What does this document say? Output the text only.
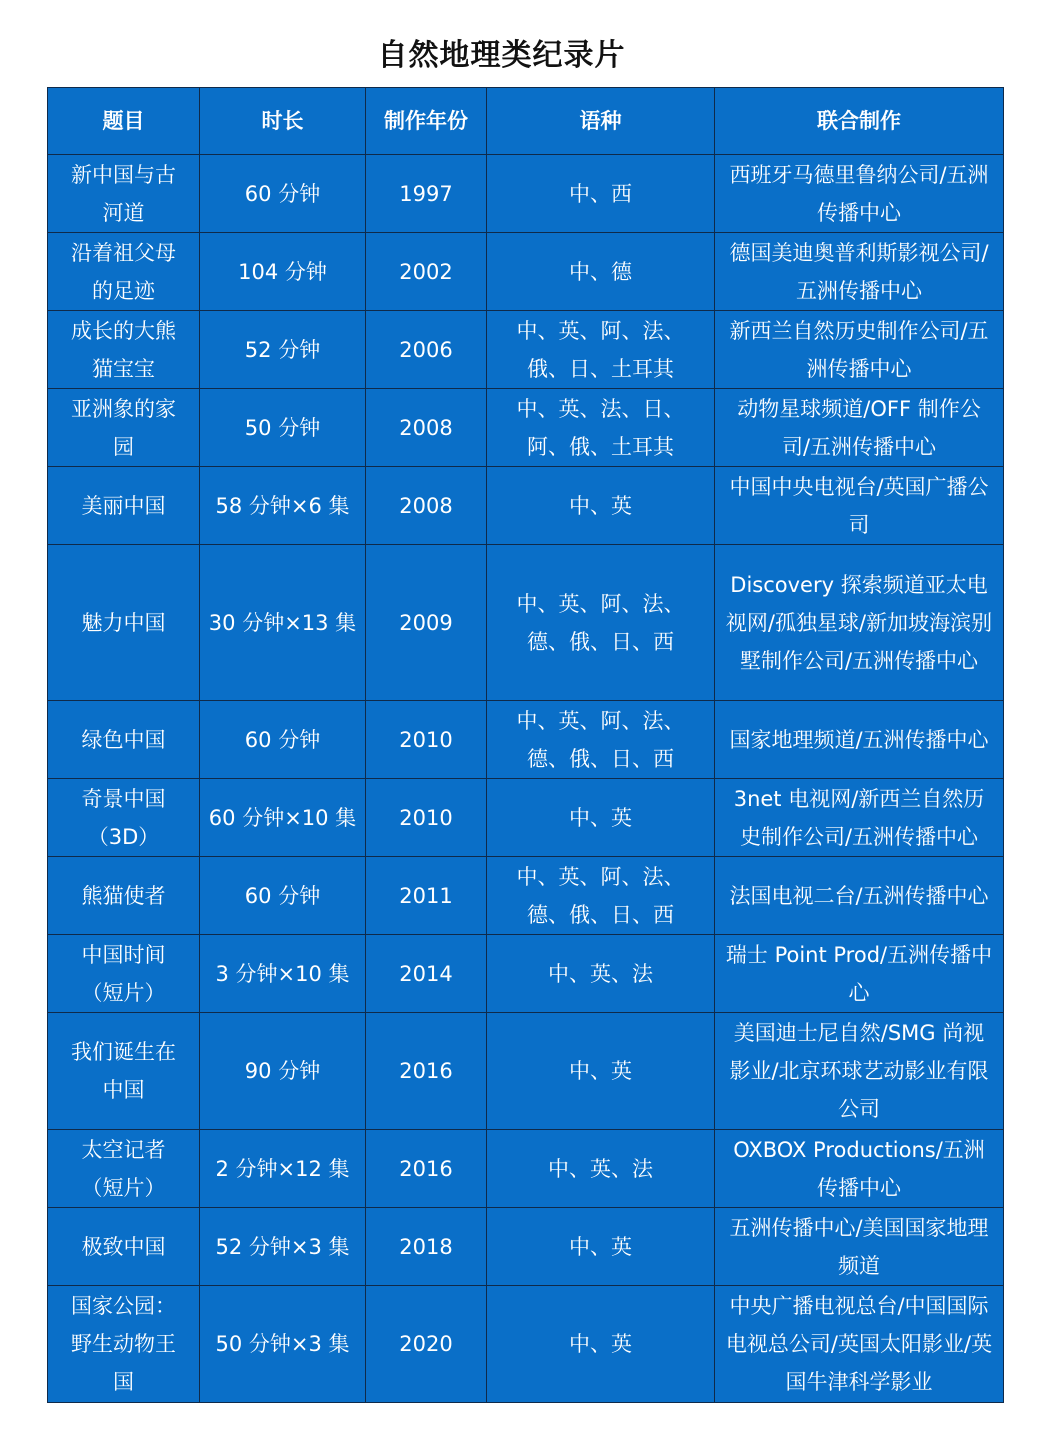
自然地理类纪录片
题目	时长	制作年份	语种	联合制作
新中国与古河道	60 分钟	1997	中、西	西班牙马德里鲁纳公司/五洲传播中心
沿着祖父母的足迹	104 分钟	2002	中、德	德国美迪奥普利斯影视公司/五洲传播中心
成长的大熊猫宝宝	52 分钟	2006	中、英、阿、法、俄、日、土耳其	新西兰自然历史制作公司/五洲传播中心
亚洲象的家园	50 分钟	2008	中、英、法、日、阿、俄、土耳其	动物星球频道/OFF 制作公司/五洲传播中心
美丽中国	58 分钟×6 集	2008	中、英	中国中央电视台/英国广播公司
魅力中国	30 分钟×13 集	2009	中、英、阿、法、德、俄、日、西	Discovery 探索频道亚太电视网/孤独星球/新加坡海滨别墅制作公司/五洲传播中心
绿色中国	60 分钟	2010	中、英、阿、法、德、俄、日、西	国家地理频道/五洲传播中心
奇景中国（3D）	60 分钟×10 集	2010	中、英	3net 电视网/新西兰自然历史制作公司/五洲传播中心
熊猫使者	60 分钟	2011	中、英、阿、法、德、俄、日、西	法国电视二台/五洲传播中心
中国时间（短片）	3 分钟×10 集	2014	中、英、法	瑞士 Point Prod/五洲传播中心
我们诞生在中国	90 分钟	2016	中、英	美国迪士尼自然/SMG 尚视影业/北京环球艺动影业有限公司
太空记者（短片）	2 分钟×12 集	2016	中、英、法	OXBOX Productions/五洲传播中心
极致中国	52 分钟×3 集	2018	中、英	五洲传播中心/美国国家地理频道
国家公园：野生动物王国	50 分钟×3 集	2020	中、英	中央广播电视总台/中国国际电视总公司/英国太阳影业/英国牛津科学影业
